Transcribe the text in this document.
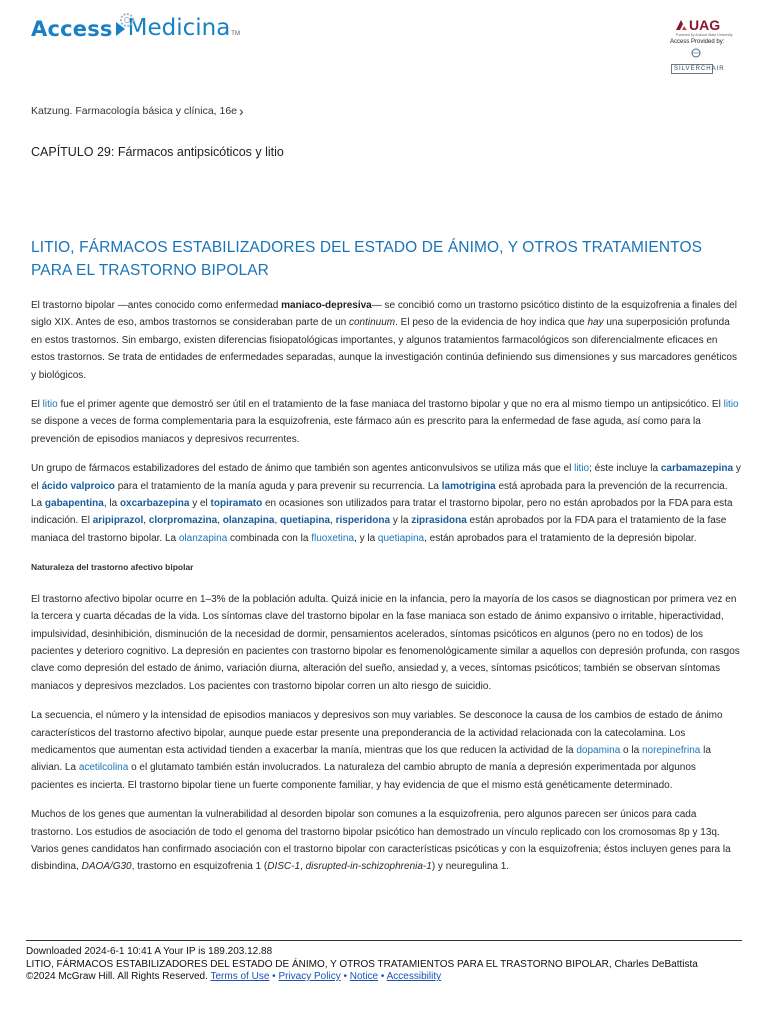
Access Medicina TM
UAG
Powered by Arizona State University
Access Provided by:
SILVERCHAIR
Katzung. Farmacología básica y clínica, 16e ›
CAPÍTULO 29: Fármacos antipsicóticos y litio
LITIO, FÁRMACOS ESTABILIZADORES DEL ESTADO DE ÁNIMO, Y OTROS TRATAMIENTOS PARA EL TRASTORNO BIPOLAR

El trastorno bipolar —antes conocido como enfermedad maniaco-depresiva— se concibió como un trastorno psicótico distinto de la esquizofrenia a finales del siglo XIX. Antes de eso, ambos trastornos se consideraban parte de un continuum. El peso de la evidencia de hoy indica que hay una superposición profunda en estos trastornos. Sin embargo, existen diferencias fisiopatológicas importantes, y algunos tratamientos farmacológicos son diferencialmente eficaces en estos trastornos. Se trata de entidades de enfermedades separadas, aunque la investigación continúa definiendo sus dimensiones y sus marcadores genéticos y biológicos.

El litio fue el primer agente que demostró ser útil en el tratamiento de la fase maniaca del trastorno bipolar y que no era al mismo tiempo un antipsicótico. El litio se dispone a veces de forma complementaria para la esquizofrenia, este fármaco aún es prescrito para la enfermedad de fase aguda, así como para la prevención de episodios maniacos y depresivos recurrentes.

Un grupo de fármacos estabilizadores del estado de ánimo que también son agentes anticonvulsivos se utiliza más que el litio; éste incluye la carbamazepina y el ácido valproico para el tratamiento de la manía aguda y para prevenir su recurrencia. La lamotrigina está aprobada para la prevención de la recurrencia. La gabapentina, la oxcarbazepina y el topiramato en ocasiones son utilizados para tratar el trastorno bipolar, pero no están aprobados por la FDA para esta indicación. El aripiprazol, clorpromazina, olanzapina, quetiapina, risperidona y la ziprasidona están aprobados por la FDA para el tratamiento de la fase maniaca del trastorno bipolar. La olanzapina combinada con la fluoxetina, y la quetiapina, están aprobados para el tratamiento de la depresión bipolar.

Naturaleza del trastorno afectivo bipolar

El trastorno afectivo bipolar ocurre en 1–3% de la población adulta. Quizá inicie en la infancia, pero la mayoría de los casos se diagnostican por primera vez en la tercera y cuarta décadas de la vida. Los síntomas clave del trastorno bipolar en la fase maniaca son estado de ánimo expansivo o irritable, hiperactividad, impulsividad, desinhibición, disminución de la necesidad de dormir, pensamientos acelerados, síntomas psicóticos en algunos (pero no en todos) de los pacientes y deterioro cognitivo. La depresión en pacientes con trastorno bipolar es fenomenológicamente similar a aquellos con depresión profunda, con rasgos clave como depresión del estado de ánimo, variación diurna, alteración del sueño, ansiedad y, a veces, síntomas psicóticos; también se observan síntomas maniacos y depresivos mezclados. Los pacientes con trastorno bipolar corren un alto riesgo de suicidio.

La secuencia, el número y la intensidad de episodios maniacos y depresivos son muy variables. Se desconoce la causa de los cambios de estado de ánimo característicos del trastorno afectivo bipolar, aunque puede estar presente una preponderancia de la actividad relacionada con la catecolamina. Los medicamentos que aumentan esta actividad tienden a exacerbar la manía, mientras que los que reducen la actividad de la dopamina o la norepinefrina la alivian. La acetilcolina o el glutamato también están involucrados. La naturaleza del cambio abrupto de manía a depresión experimentada por algunos pacientes es incierta. El trastorno bipolar tiene un fuerte componente familiar, y hay evidencia de que el mismo está genéticamente determinado.

Muchos de los genes que aumentan la vulnerabilidad al desorden bipolar son comunes a la esquizofrenia, pero algunos parecen ser únicos para cada trastorno. Los estudios de asociación de todo el genoma del trastorno bipolar psicótico han demostrado un vínculo replicado con los cromosomas 8p y 13q. Varios genes candidatos han confirmado asociación con el trastorno bipolar con características psicóticas y con la esquizofrenia; éstos incluyen genes para la disbindina, DAOA/G30, trastorno en esquizofrenia 1 (DISC-1, disrupted-in-schizophrenia-1) y neuregulina 1.

Downloaded 2024-6-1 10:41 A Your IP is 189.203.12.88
LITIO, FÁRMACOS ESTABILIZADORES DEL ESTADO DE ÁNIMO, Y OTROS TRATAMIENTOS PARA EL TRASTORNO BIPOLAR, Charles DeBattista
©2024 McGraw Hill. All Rights Reserved. Terms of Use • Privacy Policy • Notice • Accessibility
